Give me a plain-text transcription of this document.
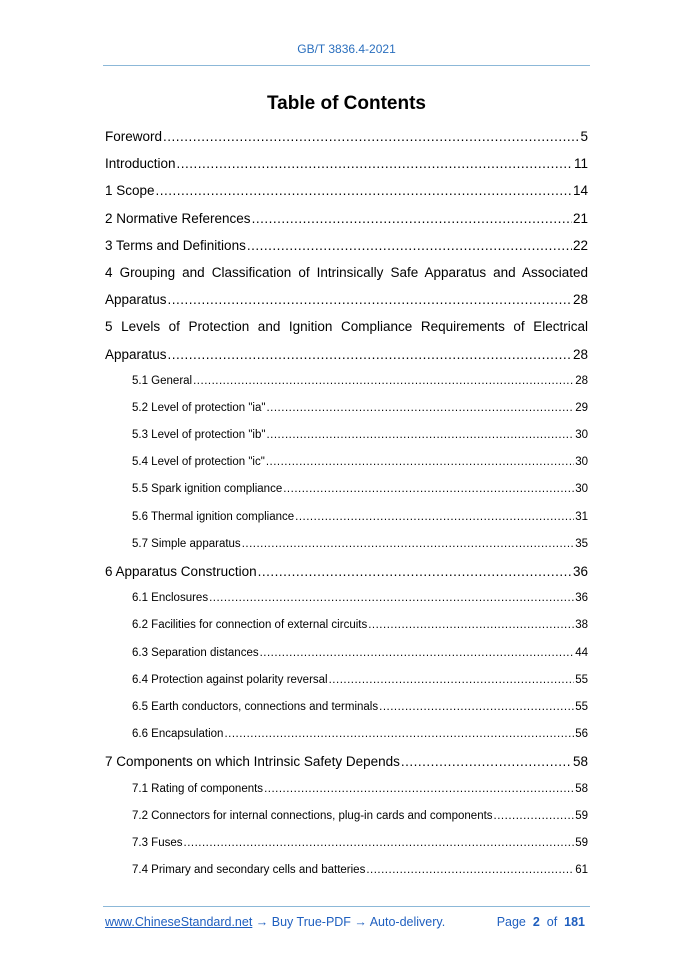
GB/T 3836.4-2021
Table of Contents
Foreword .....	5
Introduction .....	11
1 Scope .....	14
2 Normative References .....	21
3 Terms and Definitions .....	22
4 Grouping and Classification of Intrinsically Safe Apparatus and Associated
Apparatus .....	28
5 Levels of Protection and Ignition Compliance Requirements of Electrical
Apparatus .....	28
5.1 General .....	28
5.2 Level of protection "ia" .....	29
5.3 Level of protection "ib" .....	30
5.4 Level of protection "ic" .....	30
5.5 Spark ignition compliance .....	30
5.6 Thermal ignition compliance .....	31
5.7 Simple apparatus .....	35
6 Apparatus Construction .....	36
6.1 Enclosures .....	36
6.2 Facilities for connection of external circuits .....	38
6.3 Separation distances .....	44
6.4 Protection against polarity reversal .....	55
6.5 Earth conductors, connections and terminals .....	55
6.6 Encapsulation .....	56
7 Components on which Intrinsic Safety Depends .....	58
7.1 Rating of components .....	58
7.2 Connectors for internal connections, plug-in cards and components .....	59
7.3 Fuses .....	59
7.4 Primary and secondary cells and batteries .....	61
www.ChineseStandard.net → Buy True-PDF → Auto-delivery.	Page 2 of 181
